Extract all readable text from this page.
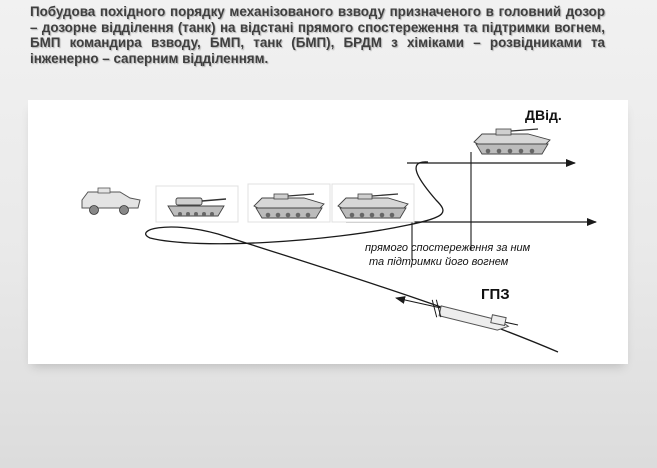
Побудова похідного порядку механізованого взводу призначеного в головний дозор – дозорне відділення (танк) на відстані прямого спостереження та підтримки вогнем, БМП командира взводу, БМП, танк (БМП), БРДМ з хіміками – розвідниками та інженерно – саперним відділенням.

ДВід.
прямого спостереження за ним
та підтримки його вогнем
ГПЗ
